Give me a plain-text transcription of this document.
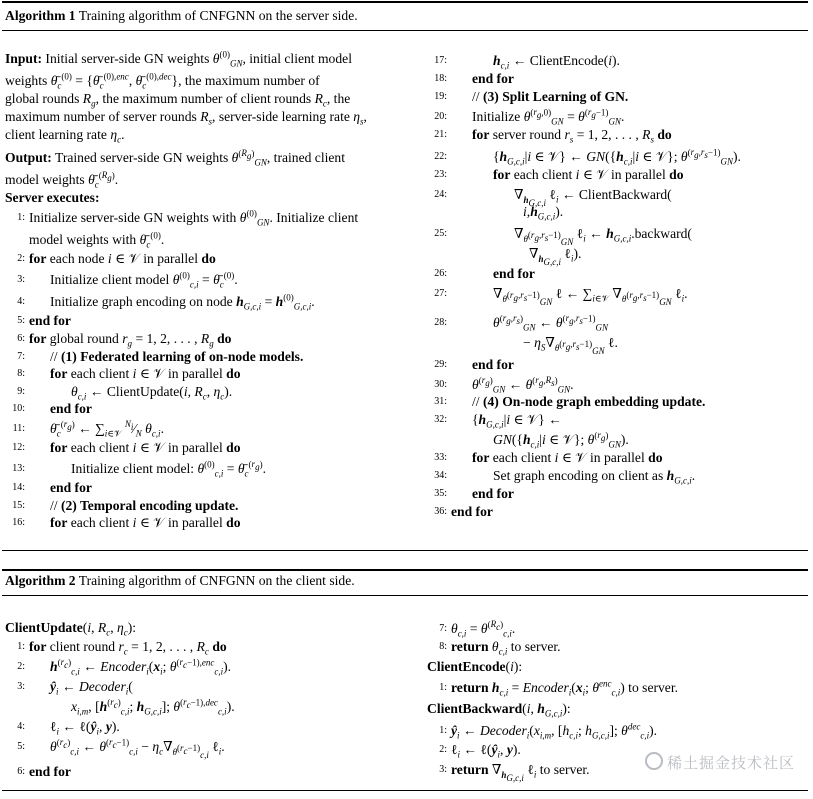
Algorithm 1 Training algorithm of CNFGNN on the server side.
Input: Initial server-side GN weights $\theta^{(0)}_{GN}$, initial client model
weights $\thetā_c^{(0)}$ = {$\thetā_c^{(0),enc}$, $\thetā_c^{(0),dec}$}, the maximum number of
global rounds $R_g$, the maximum number of client rounds $R_c$, the
maximum number of server rounds $R_s$, server-side learning rate $\eta_s$,
client learning rate $\eta_c$.
Output: Trained server-side GN weights $\theta^{(R_g)}_{GN}$, trained client
model weights $\thetā_c^{(R_g)}$.
Server executes:
1: Initialize server-side GN weights with $\theta^{(0)}_{GN}$. Initialize client
model weights with $\thetā_c^{(0)}$.
2: for each node i ∈ 𝒱 in parallel do
3: Initialize client model $\theta^{(0)}_{c,i}$ = $\thetā_c^{(0)}$.
4: Initialize graph encoding on node $h_{G,c,i} = h^{(0)}_{G,c,i}$.
5: end for
6: for global round $r_g = 1$, 2, . . . , $R_g$ do
7: // (1) Federated learning of on-node models.
8: for each client i ∈ 𝒱 in parallel do
9:	$\theta_{c,i}$ ← ClientUpdate(i, $R_c$, $\eta_c$).
10: end for
11: $\thetā_c^{(r_g)}$ ← $\sum_{i\in 𝒱}$ $^{N_i}⁄_N$ $\theta_{c,i}$.
12: for each client i ∈ 𝒱 in parallel do
13:	Initialize client model: $\theta^{(0)}_{c,i}$ = $\thetā_c^{(r_g)}$.
14: end for
15: // (2) Temporal encoding update.
16: for each client i ∈ 𝒱 in parallel do
17:	$h_{c,i}$ ← ClientEncode(i).
18: end for
19: // (3) Split Learning of GN.
20: Initialize $\theta^{(r_g,0)}_{GN} = \theta^{(r_g-1)}_{GN}$.
21: for server round $r_s = 1$, 2, . . . , $R_s$ do
22:	{$h_{G,c,i}|i$ ∈ 𝒱} ← $GN(\{h_{c,i}|i$ ∈ 𝒱}; $\theta^{(r_g,r_s-1)}_{GN}$).
23:	for each client i ∈ 𝒱 in parallel do
24:	$\nabla_{h_{G,c,i}}$ ℓ$_i$ ← ClientBackward(
$i,h_{G,c,i}$).
25:	$\nabla_{\theta^{(r_g,r_s-1)}_{GN}}$ ℓ$_i$ ← $h_{G,c,i}.backward$(
$\nabla_{h_{G,c,i}}$ ℓ$_i$).
26:	end for
27:	$\nabla_{\theta^{(r_g,r_s-1)}_{GN}}$ ℓ ← $\sum_{i\in 𝒱}$ $\nabla_{\theta^{(r_g,r_s-1)}_{GN}}$ ℓ$_i$.
28:	$\theta^{(r_g,r_s)}_{GN}$ ← $\theta^{(r_g,r_s-1)}_{GN}$
− $\eta_S\nabla_{\theta^{(r_g,r_s-1)}_{GN}}$ ℓ.
29: end for
30: $\theta^{(r_g)}_{GN}$ ← $\theta^{(r_g,R_s)}_{GN}$.
31: // (4) On-node graph embedding update.
32: {$h_{G,c,i}|i$ ∈ 𝒱} ←
$GN(\{h_{c,i}|i$ ∈ 𝒱}; $\theta^{(r_g)}_{GN}$).
33: for each client i ∈ 𝒱 in parallel do
34:	Set graph encoding on client as $h_{G,c,i}$.
35: end for
36: end for
Algorithm 2 Training algorithm of CNFGNN on the client side.
ClientUpdate(i, $R_c$, $\eta_c$):
1: for client round $r_c = 1$, 2, . . . , $R_c$ do
2: $h^{(r_c)}_{c,i}$ ← $Encoder_i(x_i$; $\theta^{(r_c-1),enc}_{c,i}$).
3: $ŷ_i$ ← Decoder$_i$(
$x_{i,m}$, [$h^{(r_c)}_{c,i}$; $h_{G,c,i}$]; $\theta^{(r_c-1),dec}_{c,i}$).
4: ℓ$_i$ ← $\ell(ŷ_i$, y).
5: $\theta^{(r_c)}_{c,i}$ ← $\theta^{(r_c-1)}_{c,i} - \eta_c\nabla_{\theta^{(r_c-1)}_{c,i}}$ ℓ$_i$.
6: end for
7: $\theta_{c,i} = \theta^{(R_c)}_{c,i}$.
8: return $\theta_{c,i}$ to server.
ClientEncode(i):
1: return $h_{c,i}$ = $Encoder_i(x_i$; $\theta^{enc}_{c,i}$) to server.
ClientBackward(i, $h_{G,c,i}$):
1: $ŷ_i$ ← $Decoder_i(x_{i,m}$, [$h_{c,i}$; $h_{G,c,i}$]; $\theta^{dec}_{c,i}$).
2: ℓ$_i$ ← $\ell(ŷ_i$, y).
3: return $\nabla_{h_{G,c,i}}$ ℓ$_i$ to server.	稀土掘金技术社区
